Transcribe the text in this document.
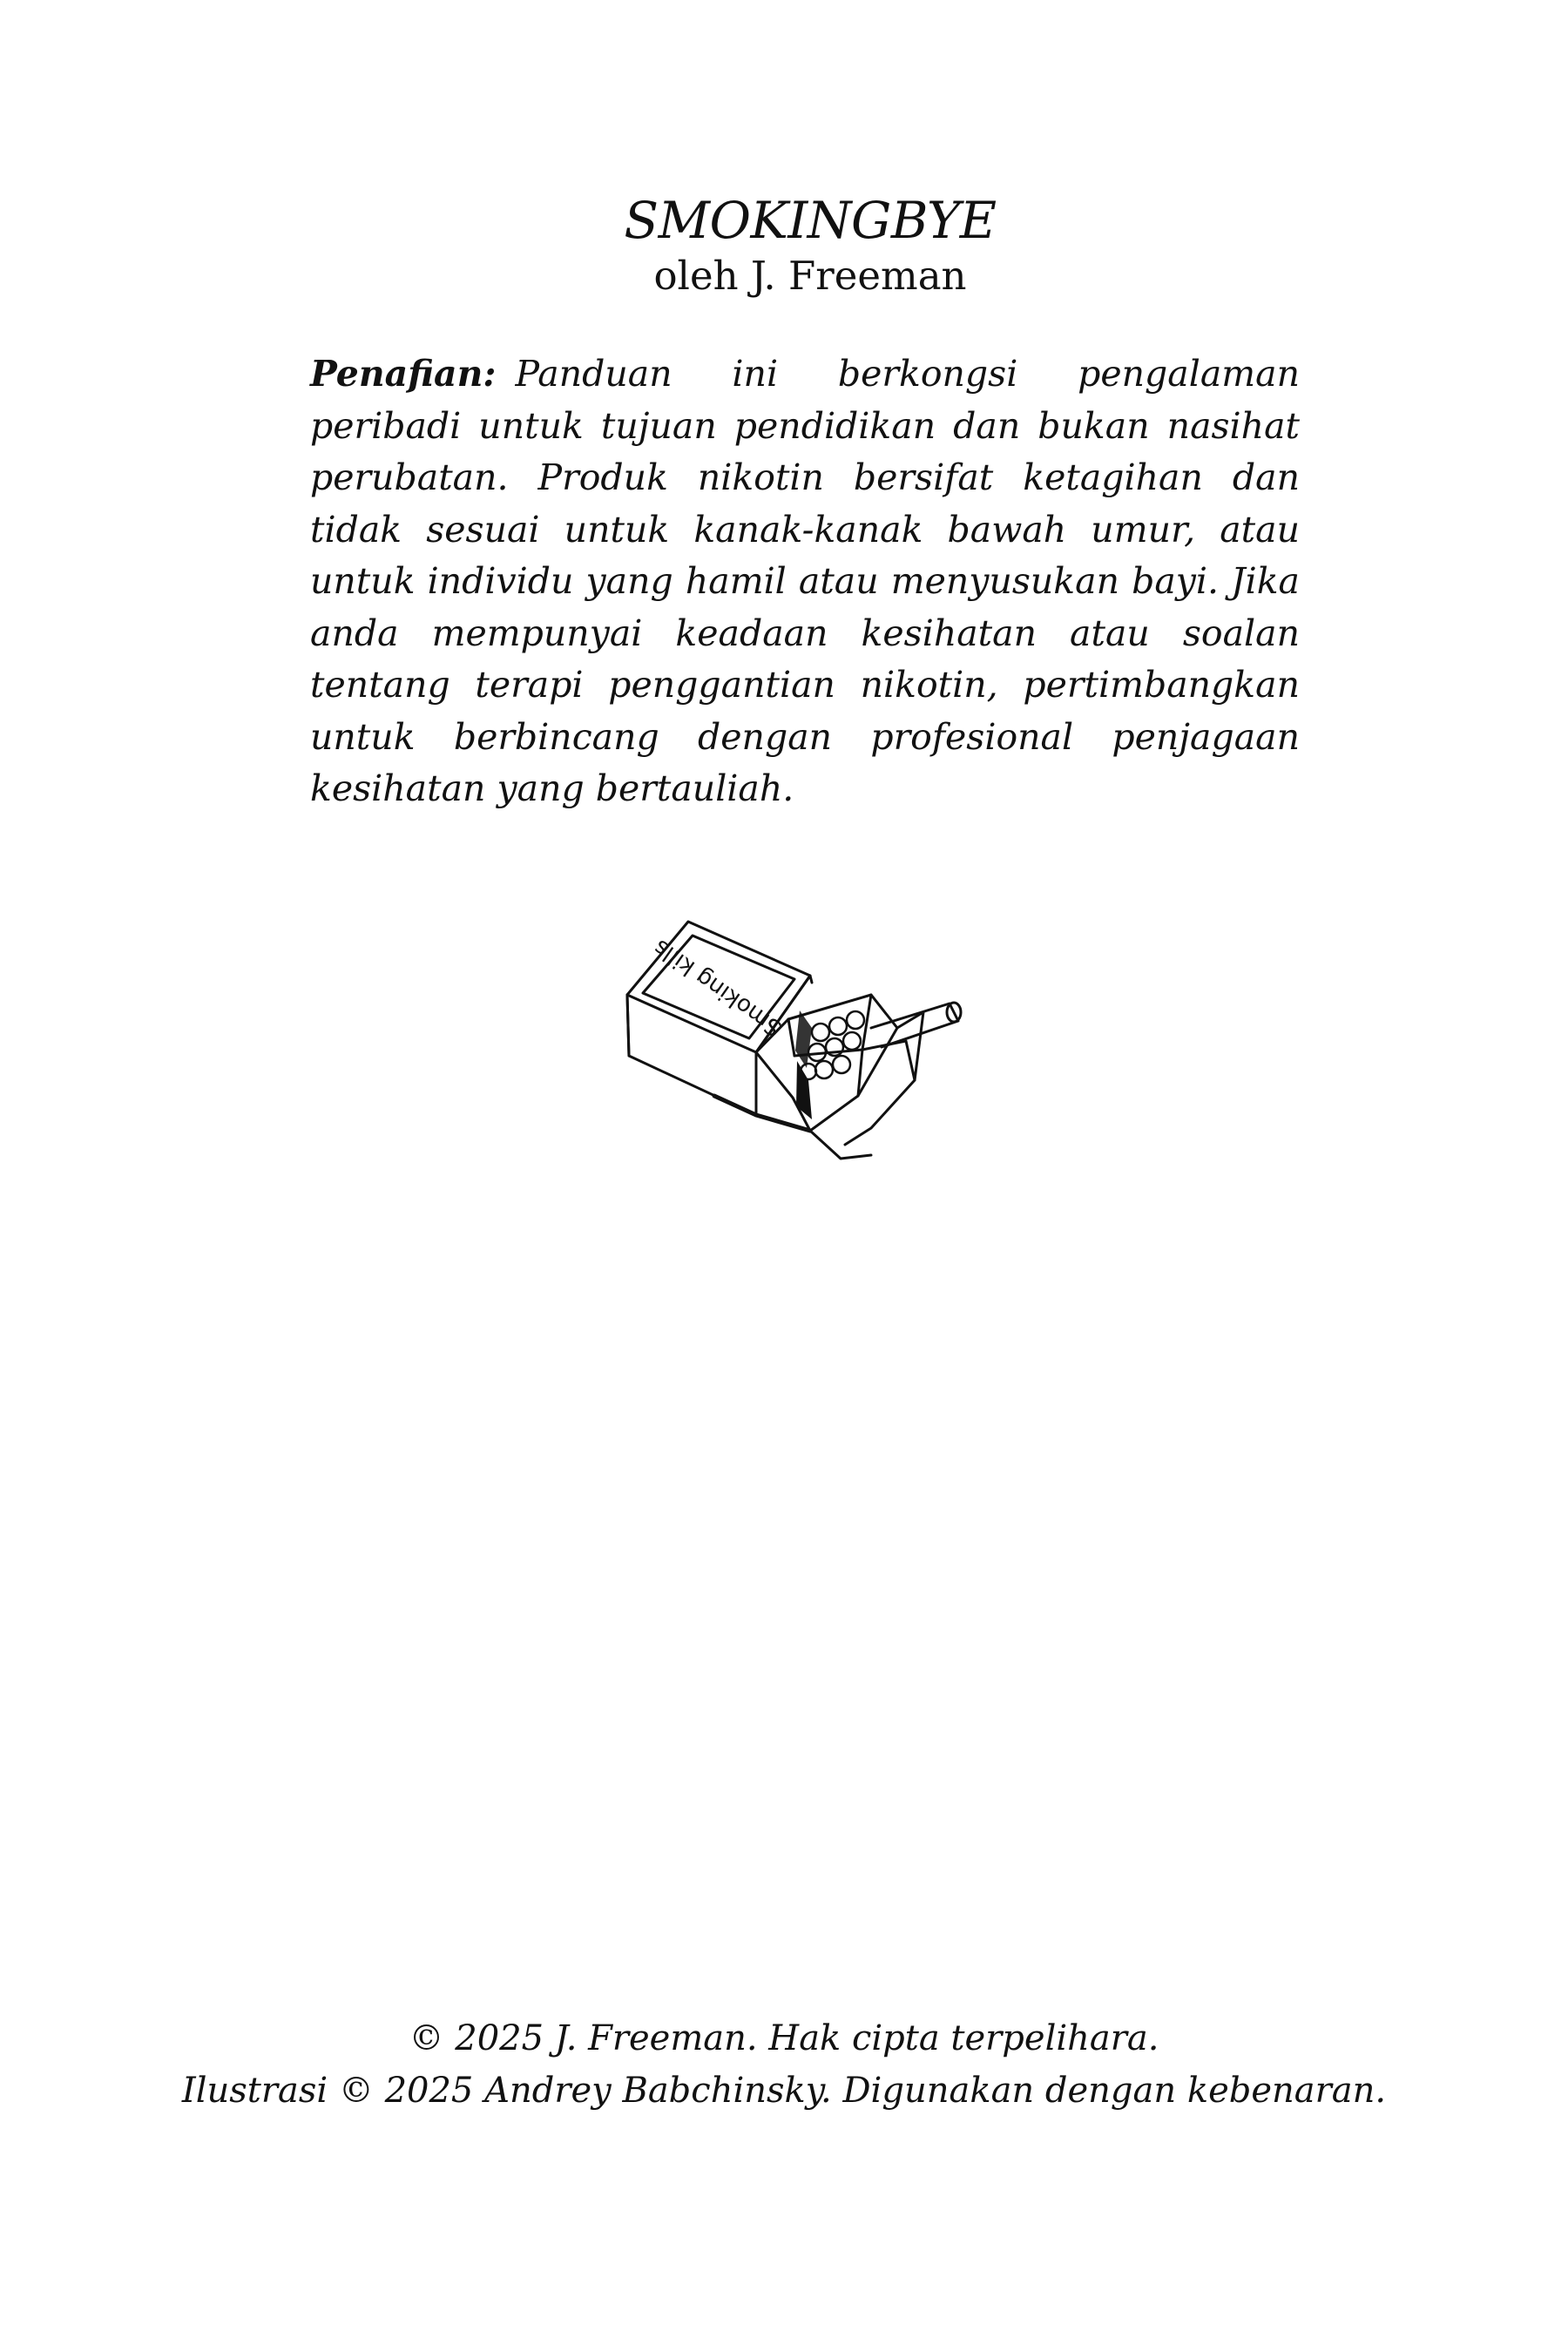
SMOKINGBYE

oleh J. Freeman

Penafian: Panduan ini berkongsi pengalaman peribadi untuk tujuan pendidikan dan bukan nasihat perubatan. Produk nikotin bersifat ketagihan dan tidak sesuai untuk kanak-kanak bawah umur, atau untuk individu yang hamil atau menyusukan bayi. Jika anda mempunyai keadaan kesihatan atau soalan tentang terapi penggantian nikotin, pertimbangkan untuk berbincang dengan profesional penjagaan kesihatan yang bertauliah.

Smoking kills

© 2025 J. Freeman. Hak cipta terpelihara.

Ilustrasi © 2025 Andrey Babchinsky. Digunakan dengan kebenaran.
